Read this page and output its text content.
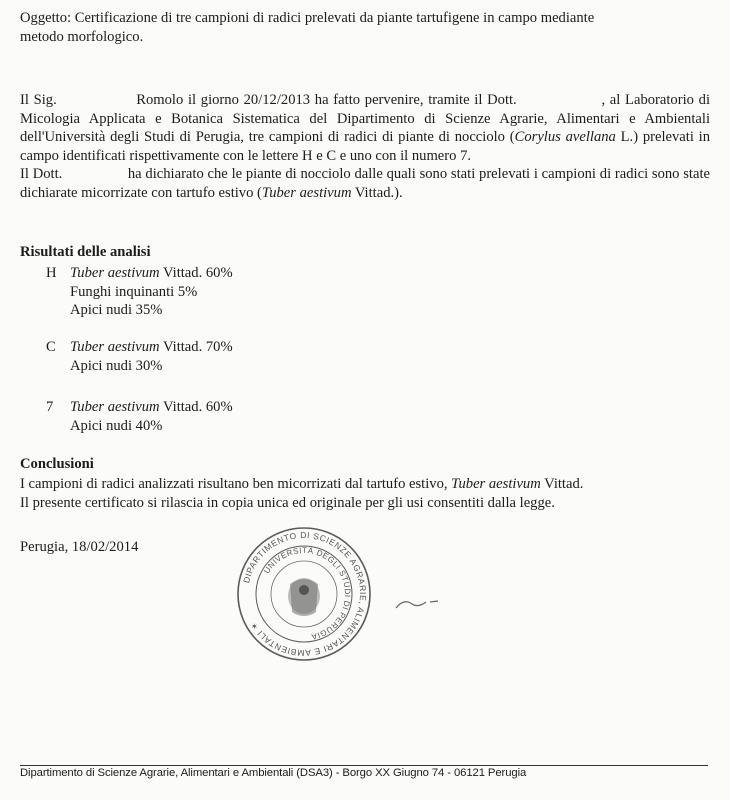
Oggetto: Certificazione di tre campioni di radici prelevati da piante tartufigene in campo mediante
metodo morfologico.

Il Sig.	Romolo il giorno 20/12/2013 ha fatto pervenire, tramite il Dott.	, al Laboratorio di Micologia Applicata e Botanica Sistematica del Dipartimento di Scienze Agrarie, Alimentari e Ambientali dell'Università degli Studi di Perugia, tre campioni di radici di piante di nocciolo (Corylus avellana L.) prelevati in campo identificati rispettivamente con le lettere H e C e uno con il numero 7.

Il Dott.	ha dichiarato che le piante di nocciolo dalle quali sono stati prelevati i campioni di radici sono state dichiarate micorrizate con tartufo estivo (Tuber aestivum Vittad.).

Risultati delle analisi
H Tuber aestivum Vittad. 60%
Funghi inquinanti 5%
Apici nudi 35%
C Tuber aestivum Vittad. 70%
Apici nudi 30%
7	Tuber aestivum Vittad. 60%
Apici nudi 40%
Conclusioni
I campioni di radici analizzati risultano ben micorrizati dal tartufo estivo, Tuber aestivum Vittad.
Il presente certificato si rilascia in copia unica ed originale per gli usi consentiti dalla legge.
Perugia, 18/02/2014
DIPARTIMENTO DI SCIENZE AGRARIE, ALIMENTARI E AMBIENTALI ✶
UNIVERSITÀ DEGLI STUDI DI PERUGIA
Dipartimento di Scienze Agrarie, Alimentari e Ambientali (DSA3) - Borgo XX Giugno 74 - 06121 Perugia
